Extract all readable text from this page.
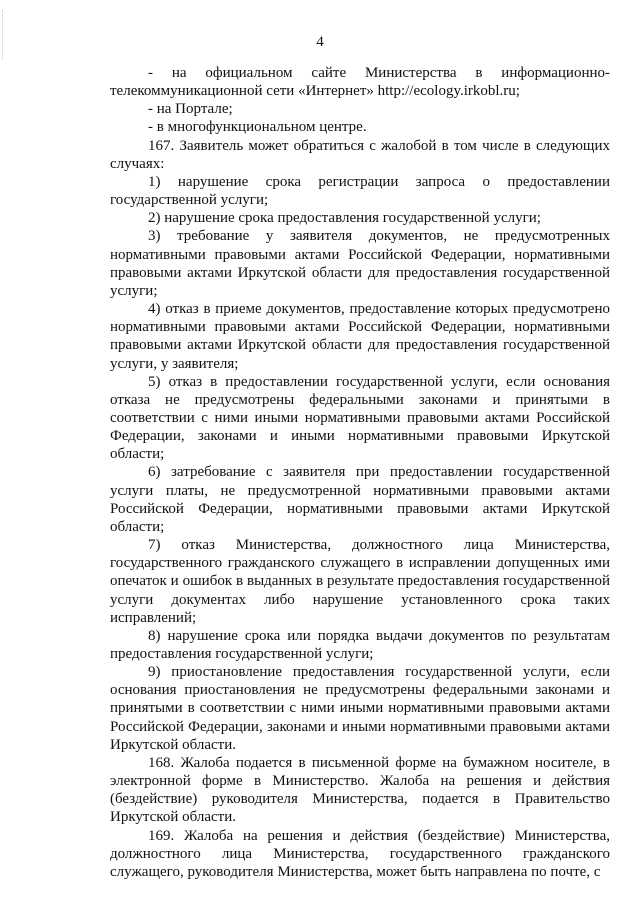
4

- на официальном сайте Министерства в информационно-телекоммуникационной сети «Интернет» http://ecology.irkobl.ru;

- на Портале;

- в многофункциональном центре.

167. Заявитель может обратиться с жалобой в том числе в следующих случаях:

1) нарушение срока регистрации запроса о предоставлении государственной услуги;

2) нарушение срока предоставления государственной услуги;

3) требование у заявителя документов, не предусмотренных нормативными правовыми актами Российской Федерации, нормативными правовыми актами Иркутской области для предоставления государственной услуги;

4) отказ в приеме документов, предоставление которых предусмотрено нормативными правовыми актами Российской Федерации, нормативными правовыми актами Иркутской области для предоставления государственной услуги, у заявителя;

5) отказ в предоставлении государственной услуги, если основания отказа не предусмотрены федеральными законами и принятыми в соответствии с ними иными нормативными правовыми актами Российской Федерации, законами и иными нормативными правовыми Иркутской области;

6) затребование с заявителя при предоставлении государственной услуги платы, не предусмотренной нормативными правовыми актами Российской Федерации, нормативными правовыми актами Иркутской области;

7) отказ Министерства, должностного лица Министерства, государственного гражданского служащего в исправлении допущенных ими опечаток и ошибок в выданных в результате предоставления государственной услуги документах либо нарушение установленного срока таких исправлений;

8) нарушение срока или порядка выдачи документов по результатам предоставления государственной услуги;

9) приостановление предоставления государственной услуги, если основания приостановления не предусмотрены федеральными законами и принятыми в соответствии с ними иными нормативными правовыми актами Российской Федерации, законами и иными нормативными правовыми актами Иркутской области.

168. Жалоба подается в письменной форме на бумажном носителе, в электронной форме в Министерство. Жалоба на решения и действия (бездействие) руководителя Министерства, подается в Правительство Иркутской области.

169. Жалоба на решения и действия (бездействие) Министерства, должностного лица Министерства, государственного гражданского служащего, руководителя Министерства, может быть направлена по почте, с
